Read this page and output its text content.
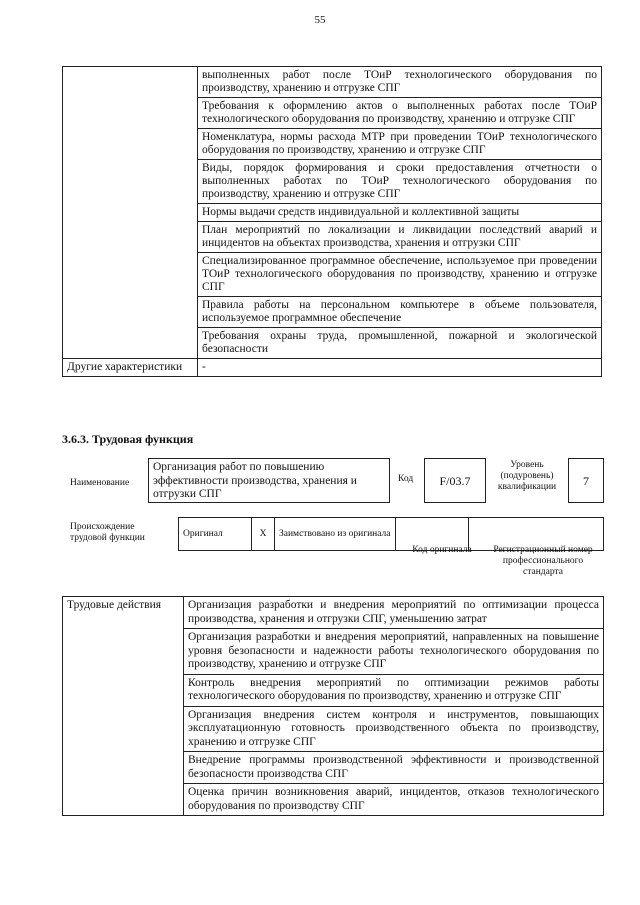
55
	выполненных работ после ТОиР технологического оборудования по производству, хранению и отгрузке СПГ
	Требования к оформлению актов о выполненных работах после ТОиР технологического оборудования по производству, хранению и отгрузке СПГ
	Номенклатура, нормы расхода МТР при проведении ТОиР технологического оборудования по производству, хранению и отгрузке СПГ
	Виды, порядок формирования и сроки предоставления отчетности о выполненных работах по ТОиР технологического оборудования по производству, хранению и отгрузке СПГ
	Нормы выдачи средств индивидуальной и коллективной защиты
	План мероприятий по локализации и ликвидации последствий аварий и инцидентов на объектах производства, хранения и отгрузки СПГ
	Специализированное программное обеспечение, используемое при проведении ТОиР технологического оборудования по производству, хранению и отгрузке СПГ
	Правила работы на персональном компьютере в объеме пользователя, используемое программное обеспечение
	Требования охраны труда, промышленной, пожарной и экологической безопасности
Другие характеристики	-
3.6.3. Трудовая функция
Наименование
Организация работ по повышению эффективности производства, хранения и отгрузки СПГ
Код	F/03.7
Уровень (подуровень) квалификации	7
Происхождение трудовой функции	Оригинал	X	Заимствовано из оригинала		
Код оригинала	Регистрационный номер профессионального стандарта
Трудовые действия	Организация разработки и внедрения мероприятий по оптимизации процесса производства, хранения и отгрузки СПГ, уменьшению затрат
Организация разработки и внедрения мероприятий, направленных на повышение уровня безопасности и надежности работы технологического оборудования по производству, хранению и отгрузке СПГ
Контроль внедрения мероприятий по оптимизации режимов работы технологического оборудования по производству, хранению и отгрузке СПГ
Организация внедрения систем контроля и инструментов, повышающих эксплуатационную готовность производственного объекта по производству, хранению и отгрузке СПГ
Внедрение программы производственной эффективности и производственной безопасности производства СПГ
Оценка причин возникновения аварий, инцидентов, отказов технологического оборудования по производству СПГ
